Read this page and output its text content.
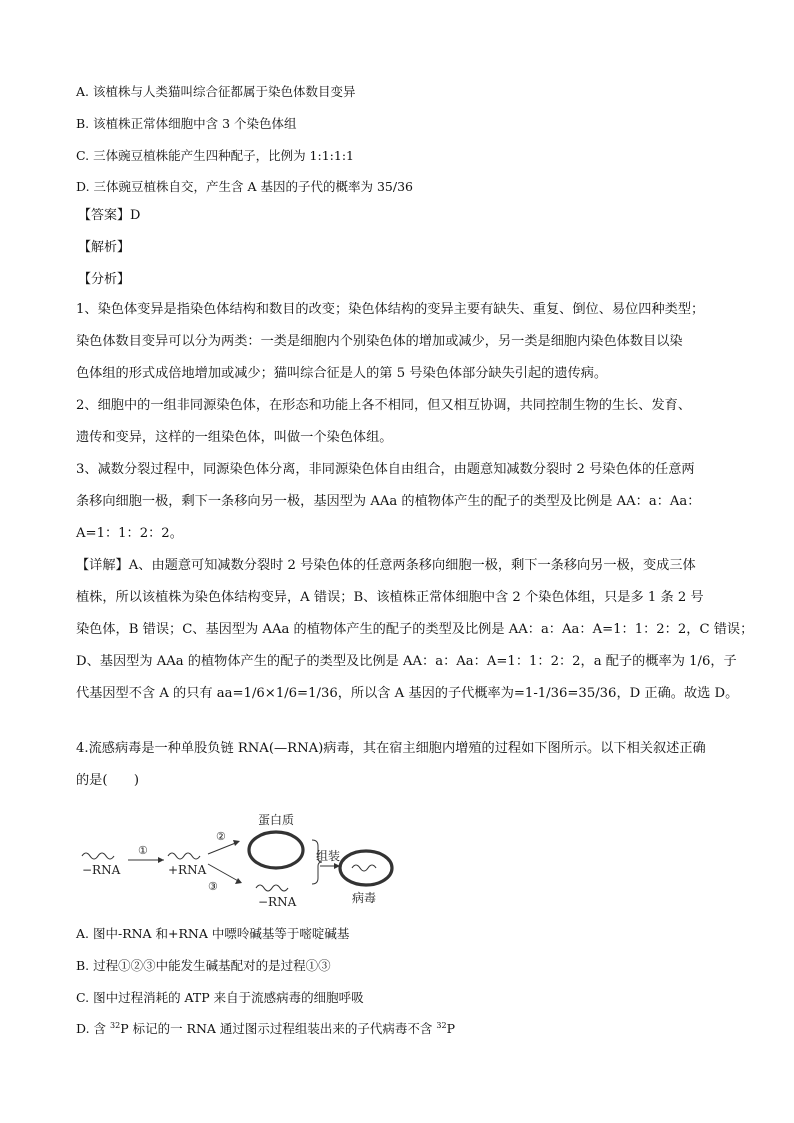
A. 该植株与人类猫叫综合征都属于染色体数目变异
B. 该植株正常体细胞中含 3 个染色体组
C. 三体豌豆植株能产生四种配子，比例为 1:1:1:1
D. 三体豌豆植株自交，产生含 A 基因的子代的概率为 35/36
【答案】D
【解析】
【分析】
1、染色体变异是指染色体结构和数目的改变；染色体结构的变异主要有缺失、重复、倒位、易位四种类型；
染色体数目变异可以分为两类：一类是细胞内个别染色体的增加或减少，另一类是细胞内染色体数目以染
色体组的形式成倍地增加或减少；猫叫综合征是人的第 5 号染色体部分缺失引起的遗传病。
2、细胞中的一组非同源染色体，在形态和功能上各不相同，但又相互协调，共同控制生物的生长、发育、
遗传和变异，这样的一组染色体，叫做一个染色体组。
3、减数分裂过程中，同源染色体分离，非同源染色体自由组合，由题意知减数分裂时 2 号染色体的任意两
条移向细胞一极，剩下一条移向另一极，基因型为 AAa 的植物体产生的配子的类型及比例是 AA：a：Aa：
A=1：1：2：2。
【详解】A、由题意可知减数分裂时 2 号染色体的任意两条移向细胞一极，剩下一条移向另一极，变成三体
植株，所以该植株为染色体结构变异，A 错误；B、该植株正常体细胞中含 2 个染色体组，只是多 1 条 2 号
染色体，B 错误；C、基因型为 AAa 的植物体产生的配子的类型及比例是 AA：a：Aa：A=1：1：2：2，C 错误；
D、基因型为 AAa 的植物体产生的配子的类型及比例是 AA：a：Aa：A=1：1：2：2，a 配子的概率为 1/6，子
代基因型不含 A 的只有 aa=1/6×1/6=1/36，所以含 A 基因的子代概率为=1-1/36=35/36，D 正确。故选 D。
4.流感病毒是一种单股负链 RNA(—RNA)病毒，其在宿主细胞内增殖的过程如下图所示。以下相关叙述正确
的是(　　)
−RNA
①
+RNA
②
③
蛋白质
−RNA
组装
病毒
A. 图中-RNA 和+RNA 中嘌呤碱基等于嘧啶碱基
B. 过程①②③中能发生碱基配对的是过程①③
C. 图中过程消耗的 ATP 来自于流感病毒的细胞呼吸
D. 含 $^{32}$P 标记的一 RNA 通过图示过程组装出来的子代病毒不含 $^{32}$P
